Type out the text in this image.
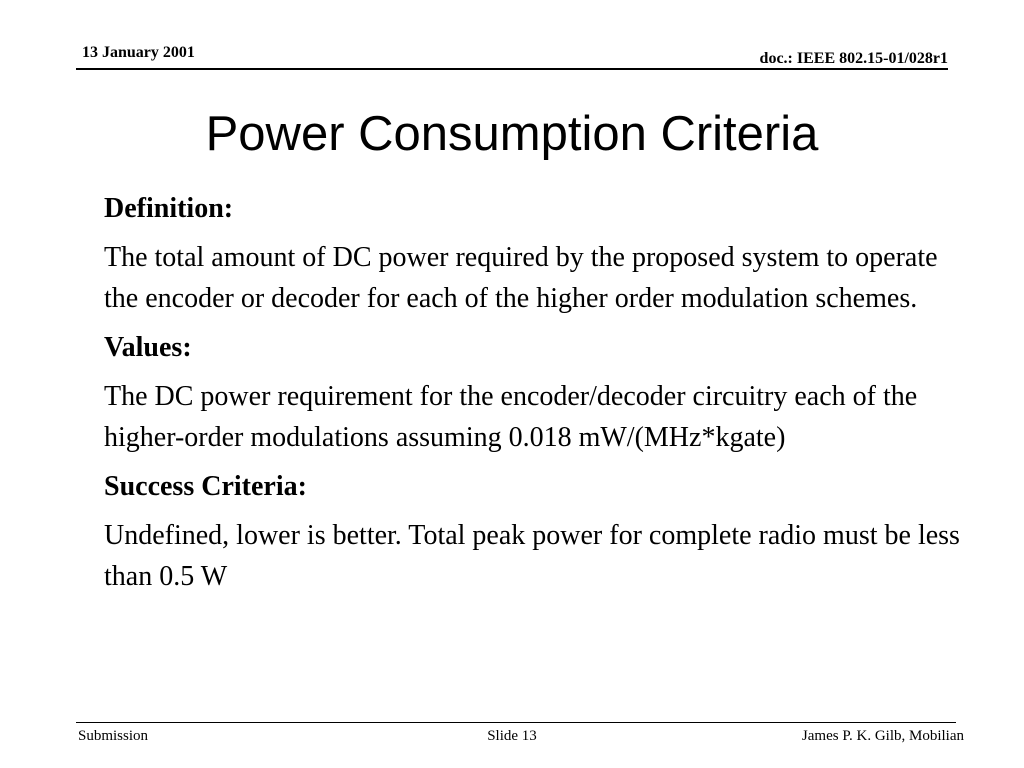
13 January 2001	doc.: IEEE 802.15-01/028r1
Power Consumption Criteria
Definition:
The total amount of DC power required by the proposed system to operate the encoder or decoder for each of the higher order modulation schemes.
Values:
The DC power requirement for the encoder/decoder circuitry each of the higher-order modulations assuming 0.018 mW/(MHz*kgate)
Success Criteria:
Undefined, lower is better. Total peak power for complete radio must be less than 0.5 W
Submission	Slide 13	James P. K. Gilb, Mobilian
